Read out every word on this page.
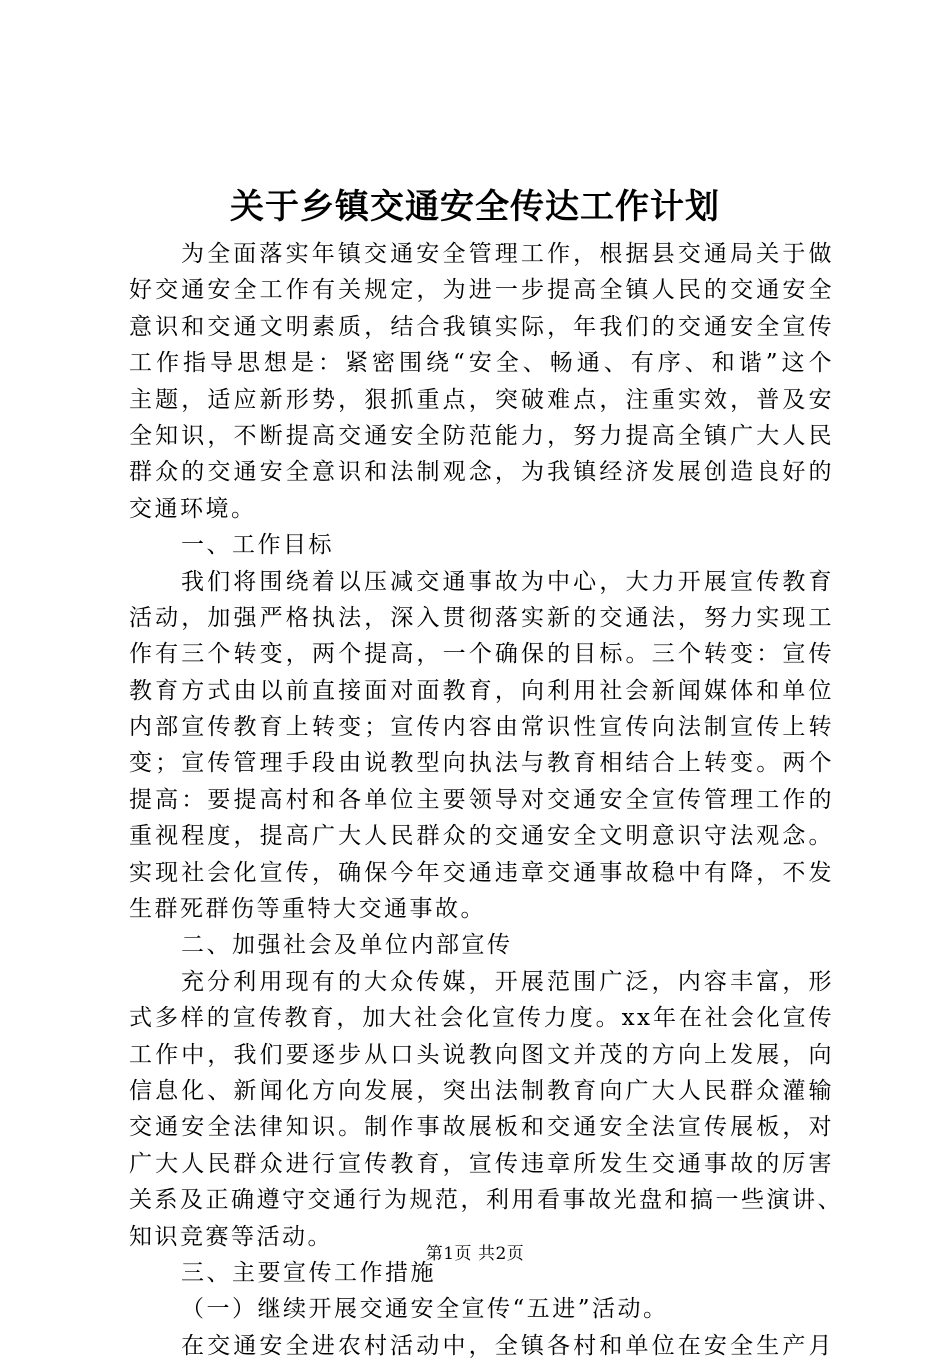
关于乡镇交通安全传达工作计划
为全面落实年镇交通安全管理工作，根据县交通局关于做
好交通安全工作有关规定，为进一步提高全镇人民的交通安全
意识和交通文明素质，结合我镇实际，年我们的交通安全宣传
工作指导思想是：紧密围绕“安全、畅通、有序、和谐”这个
主题，适应新形势，狠抓重点，突破难点，注重实效，普及安
全知识，不断提高交通安全防范能力，努力提高全镇广大人民
群众的交通安全意识和法制观念，为我镇经济发展创造良好的
交通环境。
一、工作目标
我们将围绕着以压减交通事故为中心，大力开展宣传教育
活动，加强严格执法，深入贯彻落实新的交通法，努力实现工
作有三个转变，两个提高，一个确保的目标。三个转变：宣传
教育方式由以前直接面对面教育，向利用社会新闻媒体和单位
内部宣传教育上转变；宣传内容由常识性宣传向法制宣传上转
变；宣传管理手段由说教型向执法与教育相结合上转变。两个
提高：要提高村和各单位主要领导对交通安全宣传管理工作的
重视程度，提高广大人民群众的交通安全文明意识守法观念。
实现社会化宣传，确保今年交通违章交通事故稳中有降，不发
生群死群伤等重特大交通事故。
二、加强社会及单位内部宣传
充分利用现有的大众传媒，开展范围广泛，内容丰富，形
式多样的宣传教育，加大社会化宣传力度。xx年在社会化宣传
工作中，我们要逐步从口头说教向图文并茂的方向上发展，向
信息化、新闻化方向发展，突出法制教育向广大人民群众灌输
交通安全法律知识。制作事故展板和交通安全法宣传展板，对
广大人民群众进行宣传教育，宣传违章所发生交通事故的厉害
关系及正确遵守交通行为规范，利用看事故光盘和搞一些演讲、
知识竞赛等活动。
三、主要宣传工作措施
（一）继续开展交通安全宣传“五进”活动。
在交通安全进农村活动中，全镇各村和单位在安全生产月
第1页 共2页
